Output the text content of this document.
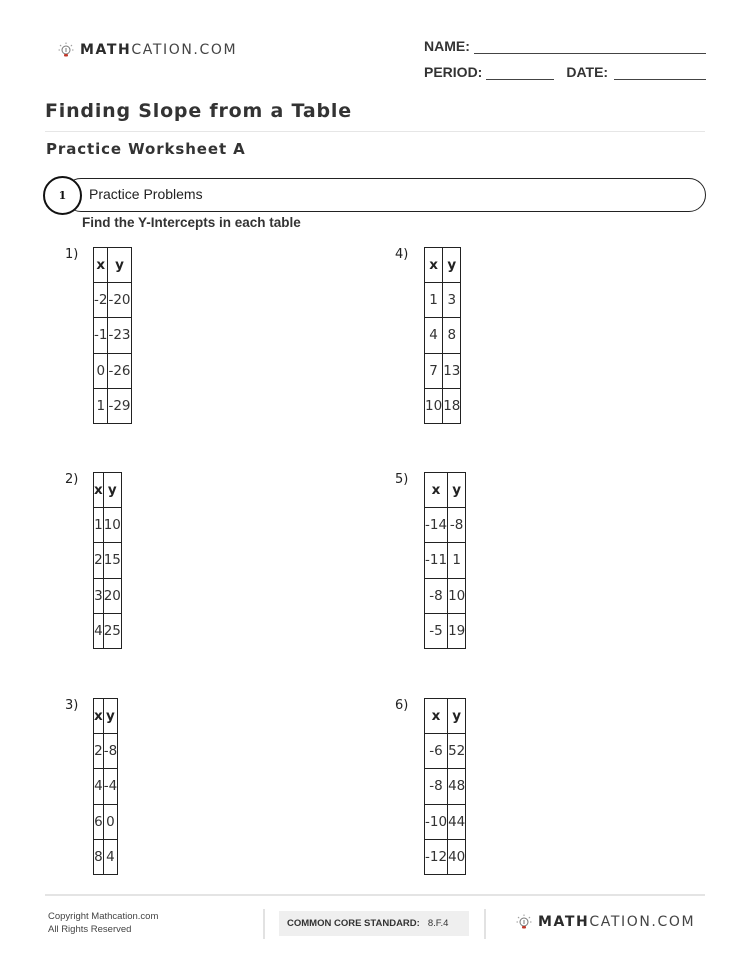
MATHCATION.COM	NAME:
PERIOD:	DATE:
Finding Slope from a Table
Practice Worksheet A
1 Practice Problems
Find the Y-Intercepts in each table
1)
x	y
-2	-20
-1	-23
0	-26
1	-29
2)
x	y
1	10
2	15
3	20
4	25
3)
x	y
2	-8
4	-4
6	0
8	4
4)
x	y
1	3
4	8
7	13
10	18
5)
x	y
-14	-8
-11	1
-8	10
-5	19
6)
x	y
-6	52
-8	48
-10	44
-12	40
Copyright Mathcation.com
All Rights Reserved
COMMON CORE STANDARD: 8.F.4	MATHCATION.COM
